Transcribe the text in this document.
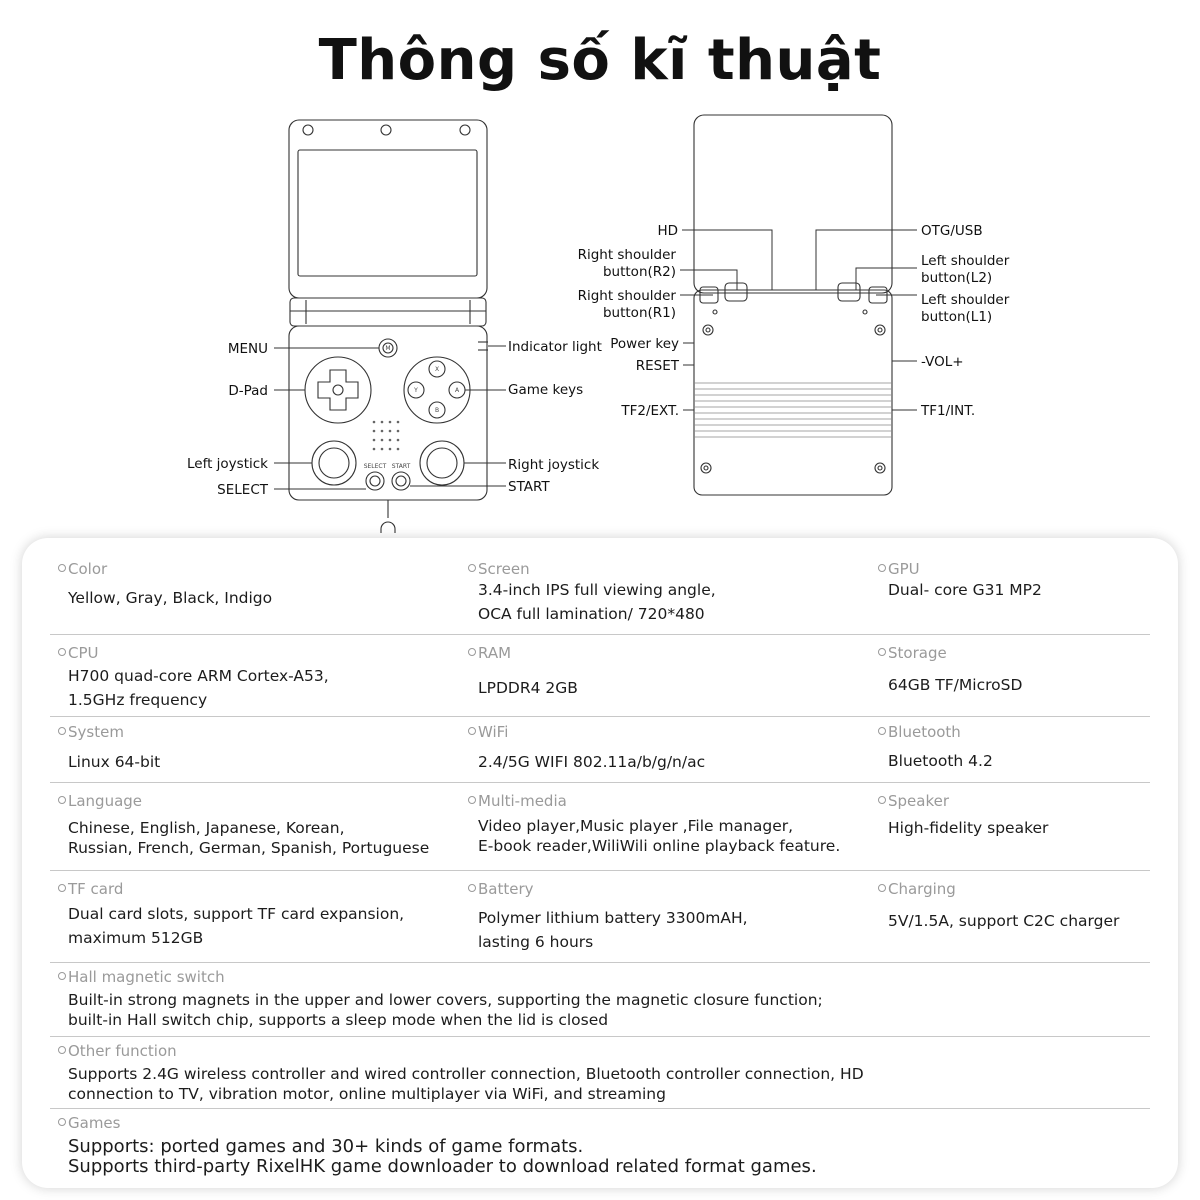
Thông số kĩ thuật
MENU
D-Pad
Left joystick
SELECT
Indicator light
Game keys
Right joystick
START
M
X
Y	A
B
SELECT START
HD
Right shoulder
button(R2)
Right shoulder
button(R1)
Power key
RESET
TF2/EXT.
OTG/USB
Left shoulder
button(L2)
Left shoulder
button(L1)
-VOL+
TF1/INT.
Color
Yellow, Gray, Black, Indigo
Screen
3.4-inch IPS full viewing angle,
OCA full lamination/ 720*480
GPU
Dual- core G31 MP2
CPU
H700 quad-core ARM Cortex-A53,
1.5GHz frequency
RAM
LPDDR4 2GB
Storage
64GB TF/MicroSD
System
Linux 64-bit
WiFi
2.4/5G WIFI 802.11a/b/g/n/ac
Bluetooth
Bluetooth 4.2
Language
Chinese, English, Japanese, Korean,
Russian, French, German, Spanish, Portuguese
Multi-media
Video player,Music player ,File manager,
E-book reader,WiliWili online playback feature.
Speaker
High-fidelity speaker
TF card
Dual card slots, support TF card expansion,
maximum 512GB
Battery
Polymer lithium battery 3300mAH,
lasting 6 hours
Charging
5V/1.5A, support C2C charger
Hall magnetic switch
Built-in strong magnets in the upper and lower covers, supporting the magnetic closure function;
built-in Hall switch chip, supports a sleep mode when the lid is closed
Other function
Supports 2.4G wireless controller and wired controller connection, Bluetooth controller connection, HD
connection to TV, vibration motor, online multiplayer via WiFi, and streaming
Games
Supports: ported games and 30+ kinds of game formats.
Supports third-party RixelHK game downloader to download related format games.
